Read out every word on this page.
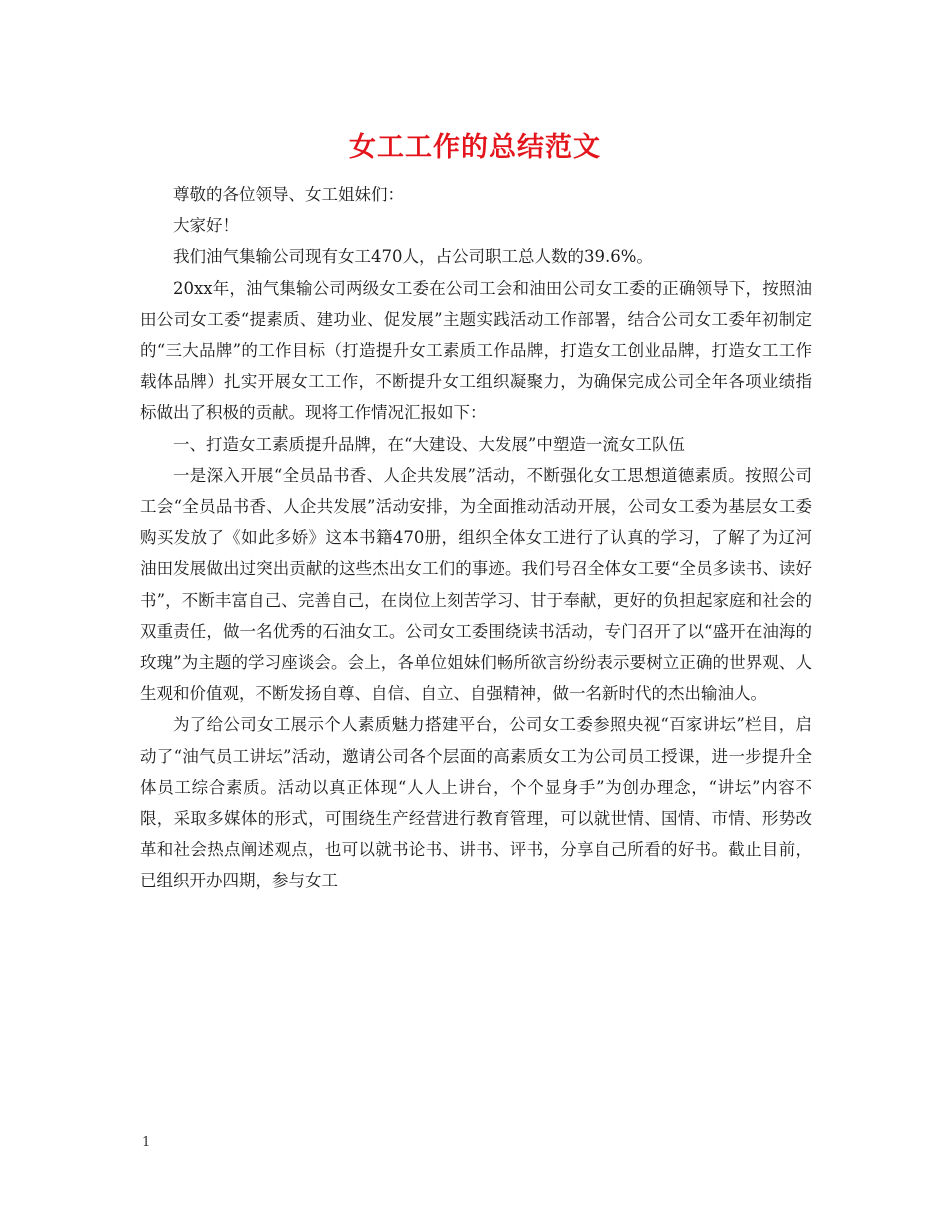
女工工作的总结范文

尊敬的各位领导、女工姐妹们：

大家好！

我们油气集输公司现有女工470人，占公司职工总人数的39.6%。

20xx年，油气集输公司两级女工委在公司工会和油田公司女工委的正确领导下，按照油田公司女工委“提素质、建功业、促发展”主题实践活动工作部署，结合公司女工委年初制定的“三大品牌”的工作目标（打造提升女工素质工作品牌，打造女工创业品牌，打造女工工作载体品牌）扎实开展女工工作，不断提升女工组织凝聚力，为确保完成公司全年各项业绩指标做出了积极的贡献。现将工作情况汇报如下：

一、打造女工素质提升品牌，在“大建设、大发展”中塑造一流女工队伍

一是深入开展“全员品书香、人企共发展”活动，不断强化女工思想道德素质。按照公司工会“全员品书香、人企共发展”活动安排，为全面推动活动开展，公司女工委为基层女工委购买发放了《如此多娇》这本书籍470册，组织全体女工进行了认真的学习，了解了为辽河油田发展做出过突出贡献的这些杰出女工们的事迹。我们号召全体女工要“全员多读书、读好书”，不断丰富自己、完善自己，在岗位上刻苦学习、甘于奉献，更好的负担起家庭和社会的双重责任，做一名优秀的石油女工。公司女工委围绕读书活动，专门召开了以“盛开在油海的玫瑰”为主题的学习座谈会。会上，各单位姐妹们畅所欲言纷纷表示要树立正确的世界观、人生观和价值观，不断发扬自尊、自信、自立、自强精神，做一名新时代的杰出输油人。

为了给公司女工展示个人素质魅力搭建平台，公司女工委参照央视“百家讲坛”栏目，启动了“油气员工讲坛”活动，邀请公司各个层面的高素质女工为公司员工授课，进一步提升全体员工综合素质。活动以真正体现“人人上讲台，个个显身手”为创办理念，“讲坛”内容不限，采取多媒体的形式，可围绕生产经营进行教育管理，可以就世情、国情、市情、形势改革和社会热点阐述观点，也可以就书论书、讲书、评书，分享自己所看的好书。截止目前，已组织开办四期，参与女工

1
